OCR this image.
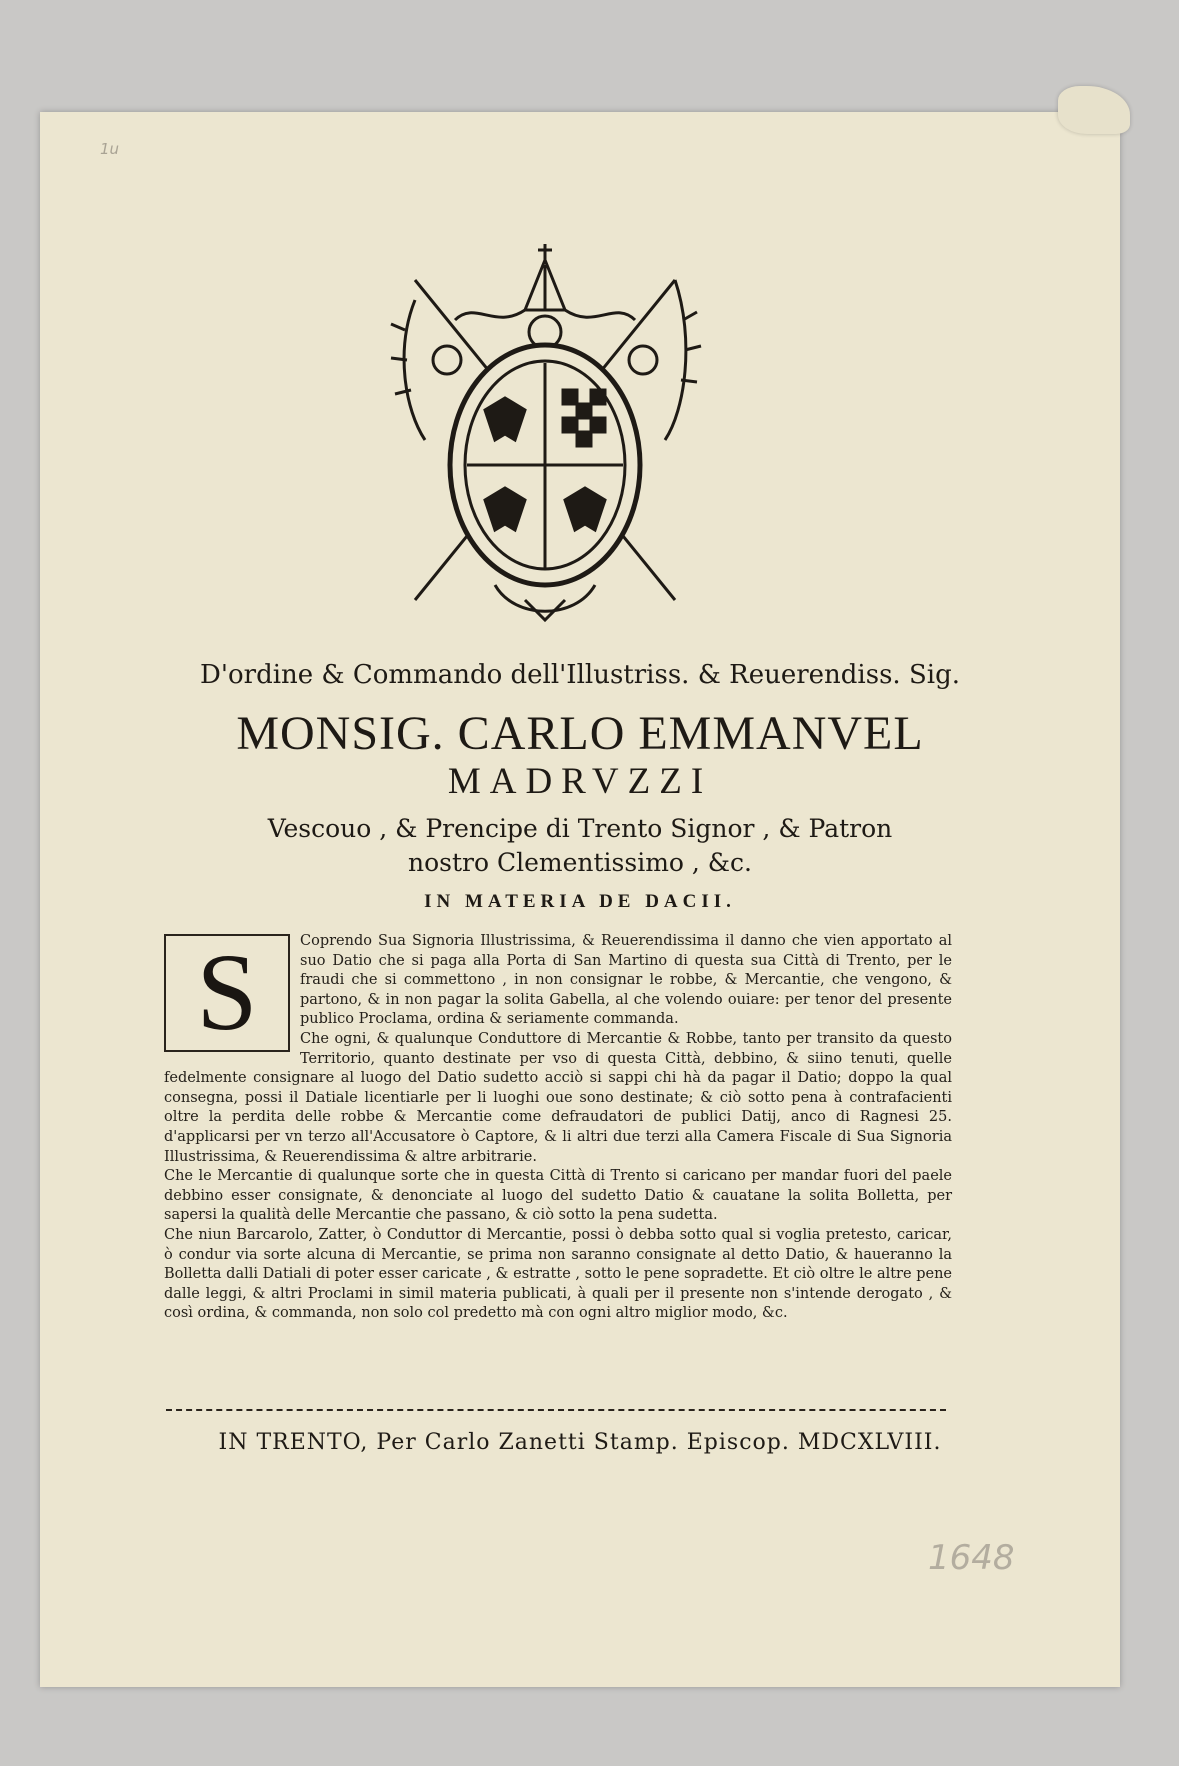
1u
D'ordine & Commando dell'Illustriss. & Reuerendiss. Sig.
MONSIG. CARLO EMMANVEL
MADRVZZI
Vescouo , & Prencipe di Trento Signor , & Patron
nostro Clementissimo , &c.
IN MATERIA DE DACII.
S	Coprendo Sua Signoria Illustrissima, & Reuerendissima il danno che vien apportato al suo Datio che si paga alla Porta di San Martino di questa sua Città di Trento, per le fraudi che si commettono , in non consignar le robbe, & Mercantie, che vengono, & partono, & in non pagar la solita Gabella, al che volendo ouiare: per tenor del presente publico Proclama, ordina & seriamente commanda.

Che ogni, & qualunque Conduttore di Mercantie & Robbe, tanto per transito da questo Territorio, quanto destinate per vso di questa Città, debbino, & siino tenuti, quelle fedelmente consignare al luogo del Datio sudetto acciò si sappi chi hà da pagar il Datio; doppo la qual consegna, possi il Datiale licentiarle per li luoghi oue sono destinate; & ciò sotto pena à contrafacienti oltre la perdita delle robbe & Mercantie come defraudatori de publici Datij, anco di Ragnesi 25. d'applicarsi per vn terzo all'Accusatore ò Captore, & li altri due terzi alla Camera Fiscale di Sua Signoria Illustrissima, & Reuerendissima & altre arbitrarie.

Che le Mercantie di qualunque sorte che in questa Città di Trento si caricano per mandar fuori del paele debbino esser consignate, & denonciate al luogo del sudetto Datio & cauatane la solita Bolletta, per sapersi la qualità delle Mercantie che passano, & ciò sotto la pena sudetta.

Che niun Barcarolo, Zatter, ò Conduttor di Mercantie, possi ò debba sotto qual si voglia pretesto, caricar, ò condur via sorte alcuna di Mercantie, se prima non saranno consignate al detto Datio, & haueranno la Bolletta dalli Datiali di poter esser caricate , & estratte , sotto le pene sopradette. Et ciò oltre le altre pene dalle leggi, & altri Proclami in simil materia publicati, à quali per il presente non s'intende derogato , & così ordina, & commanda, non solo col predetto mà con ogni altro miglior modo, &c.

IN TRENTO, Per Carlo Zanetti Stamp. Episcop. MDCXLVIII.
1648
